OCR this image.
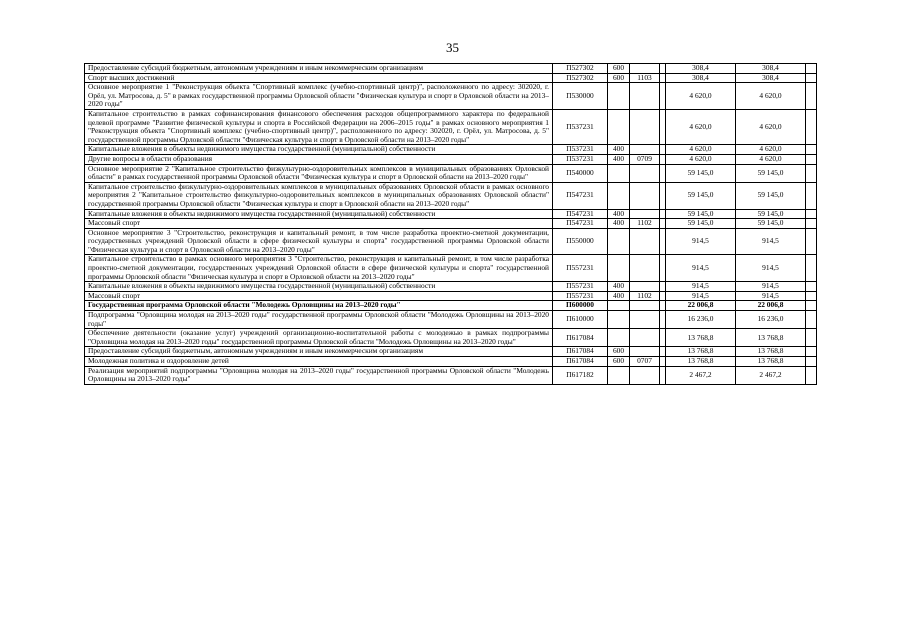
35
Предоставление субсидий бюджетным, автономным учреждениям и иным некоммерческим организациям	П527302	600			308,4	308,4	
Спорт высших достижений	П527302	600	1103		308,4	308,4	
Основное мероприятие 1 "Реконструкция объекта "Спортивный комплекс (учебно-спортивный центр)", расположенного по адресу: 302020, г. Орёл, ул. Матросова, д. 5" в рамках государственной программы Орловской области "Физическая культура и спорт в Орловской области на 2013–2020 годы"	П530000				4 620,0	4 620,0	
Капитальное строительство в рамках софинансирования финансового обеспечения расходов общепрограммного характера по федеральной целевой программе "Развитие физической культуры и спорта в Российской Федерации на 2006–2015 годы" в рамках основного мероприятия 1 "Реконструкция объекта "Спортивный комплекс (учебно-спортивный центр)", расположенного по адресу: 302020, г. Орёл, ул. Матросова, д. 5" государственной программы Орловской области "Физическая культура и спорт в Орловской области на 2013–2020 годы"	П537231				4 620,0	4 620,0	
Капитальные вложения в объекты недвижимого имущества государственной (муниципальной) собственности	П537231	400			4 620,0	4 620,0	
Другие вопросы в области образования	П537231	400	0709		4 620,0	4 620,0	
Основное мероприятие 2 "Капитальное строительство физкультурно-оздоровительных комплексов в муниципальных образованиях Орловской области" в рамках государственной программы Орловской области "Физическая культура и спорт в Орловской области на 2013–2020 годы"	П540000				59 145,0	59 145,0	
Капитальное строительство физкультурно-оздоровительных комплексов в муниципальных образованиях Орловской области в рамках основного мероприятия 2 "Капитальное строительство физкультурно-оздоровительных комплексов в муниципальных образованиях Орловской области" государственной программы Орловской области "Физическая культура и спорт в Орловской области на 2013–2020 годы"	П547231				59 145,0	59 145,0	
Капитальные вложения в объекты недвижимого имущества государственной (муниципальной) собственности	П547231	400			59 145,0	59 145,0	
Массовый спорт	П547231	400	1102		59 145,0	59 145,0	
Основное мероприятие 3 "Строительство, реконструкция и капитальный ремонт, в том числе разработка проектно-сметной документации, государственных учреждений Орловской области в сфере физической культуры и спорта" государственной программы Орловской области "Физическая культура и спорт в Орловской области на 2013–2020 годы"	П550000				914,5	914,5	
Капитальное строительство в рамках основного мероприятия 3 "Строительство, реконструкция и капитальный ремонт, в том числе разработка проектно-сметной документации, государственных учреждений Орловской области в сфере физической культуры и спорта" государственной программы Орловской области "Физическая культура и спорт в Орловской области на 2013–2020 годы"	П557231				914,5	914,5	
Капитальные вложения в объекты недвижимого имущества государственной (муниципальной) собственности	П557231	400			914,5	914,5	
Массовый спорт	П557231	400	1102		914,5	914,5	
Государственная программа Орловской области "Молодежь Орловщины на 2013–2020 годы"	П600000				22 006,8	22 006,8	
Подпрограмма "Орловщина молодая на 2013–2020 годы" государственной программы Орловской области "Молодежь Орловщины на 2013–2020 годы"	П610000				16 236,0	16 236,0	
Обеспечение деятельности (оказание услуг) учреждений организационно-воспитательной работы с молодежью в рамках подпрограммы "Орловщина молодая на 2013–2020 годы" государственной программы Орловской области "Молодежь Орловщины на 2013–2020 годы"	П617084				13 768,8	13 768,8	
Предоставление субсидий бюджетным, автономным учреждениям и иным некоммерческим организациям	П617084	600			13 768,8	13 768,8	
Молодежная политика и оздоровление детей	П617084	600	0707		13 768,8	13 768,8	
Реализация мероприятий подпрограммы "Орловщина молодая на 2013–2020 годы" государственной программы Орловской области "Молодежь Орловщины на 2013–2020 годы"	П617182				2 467,2	2 467,2	
